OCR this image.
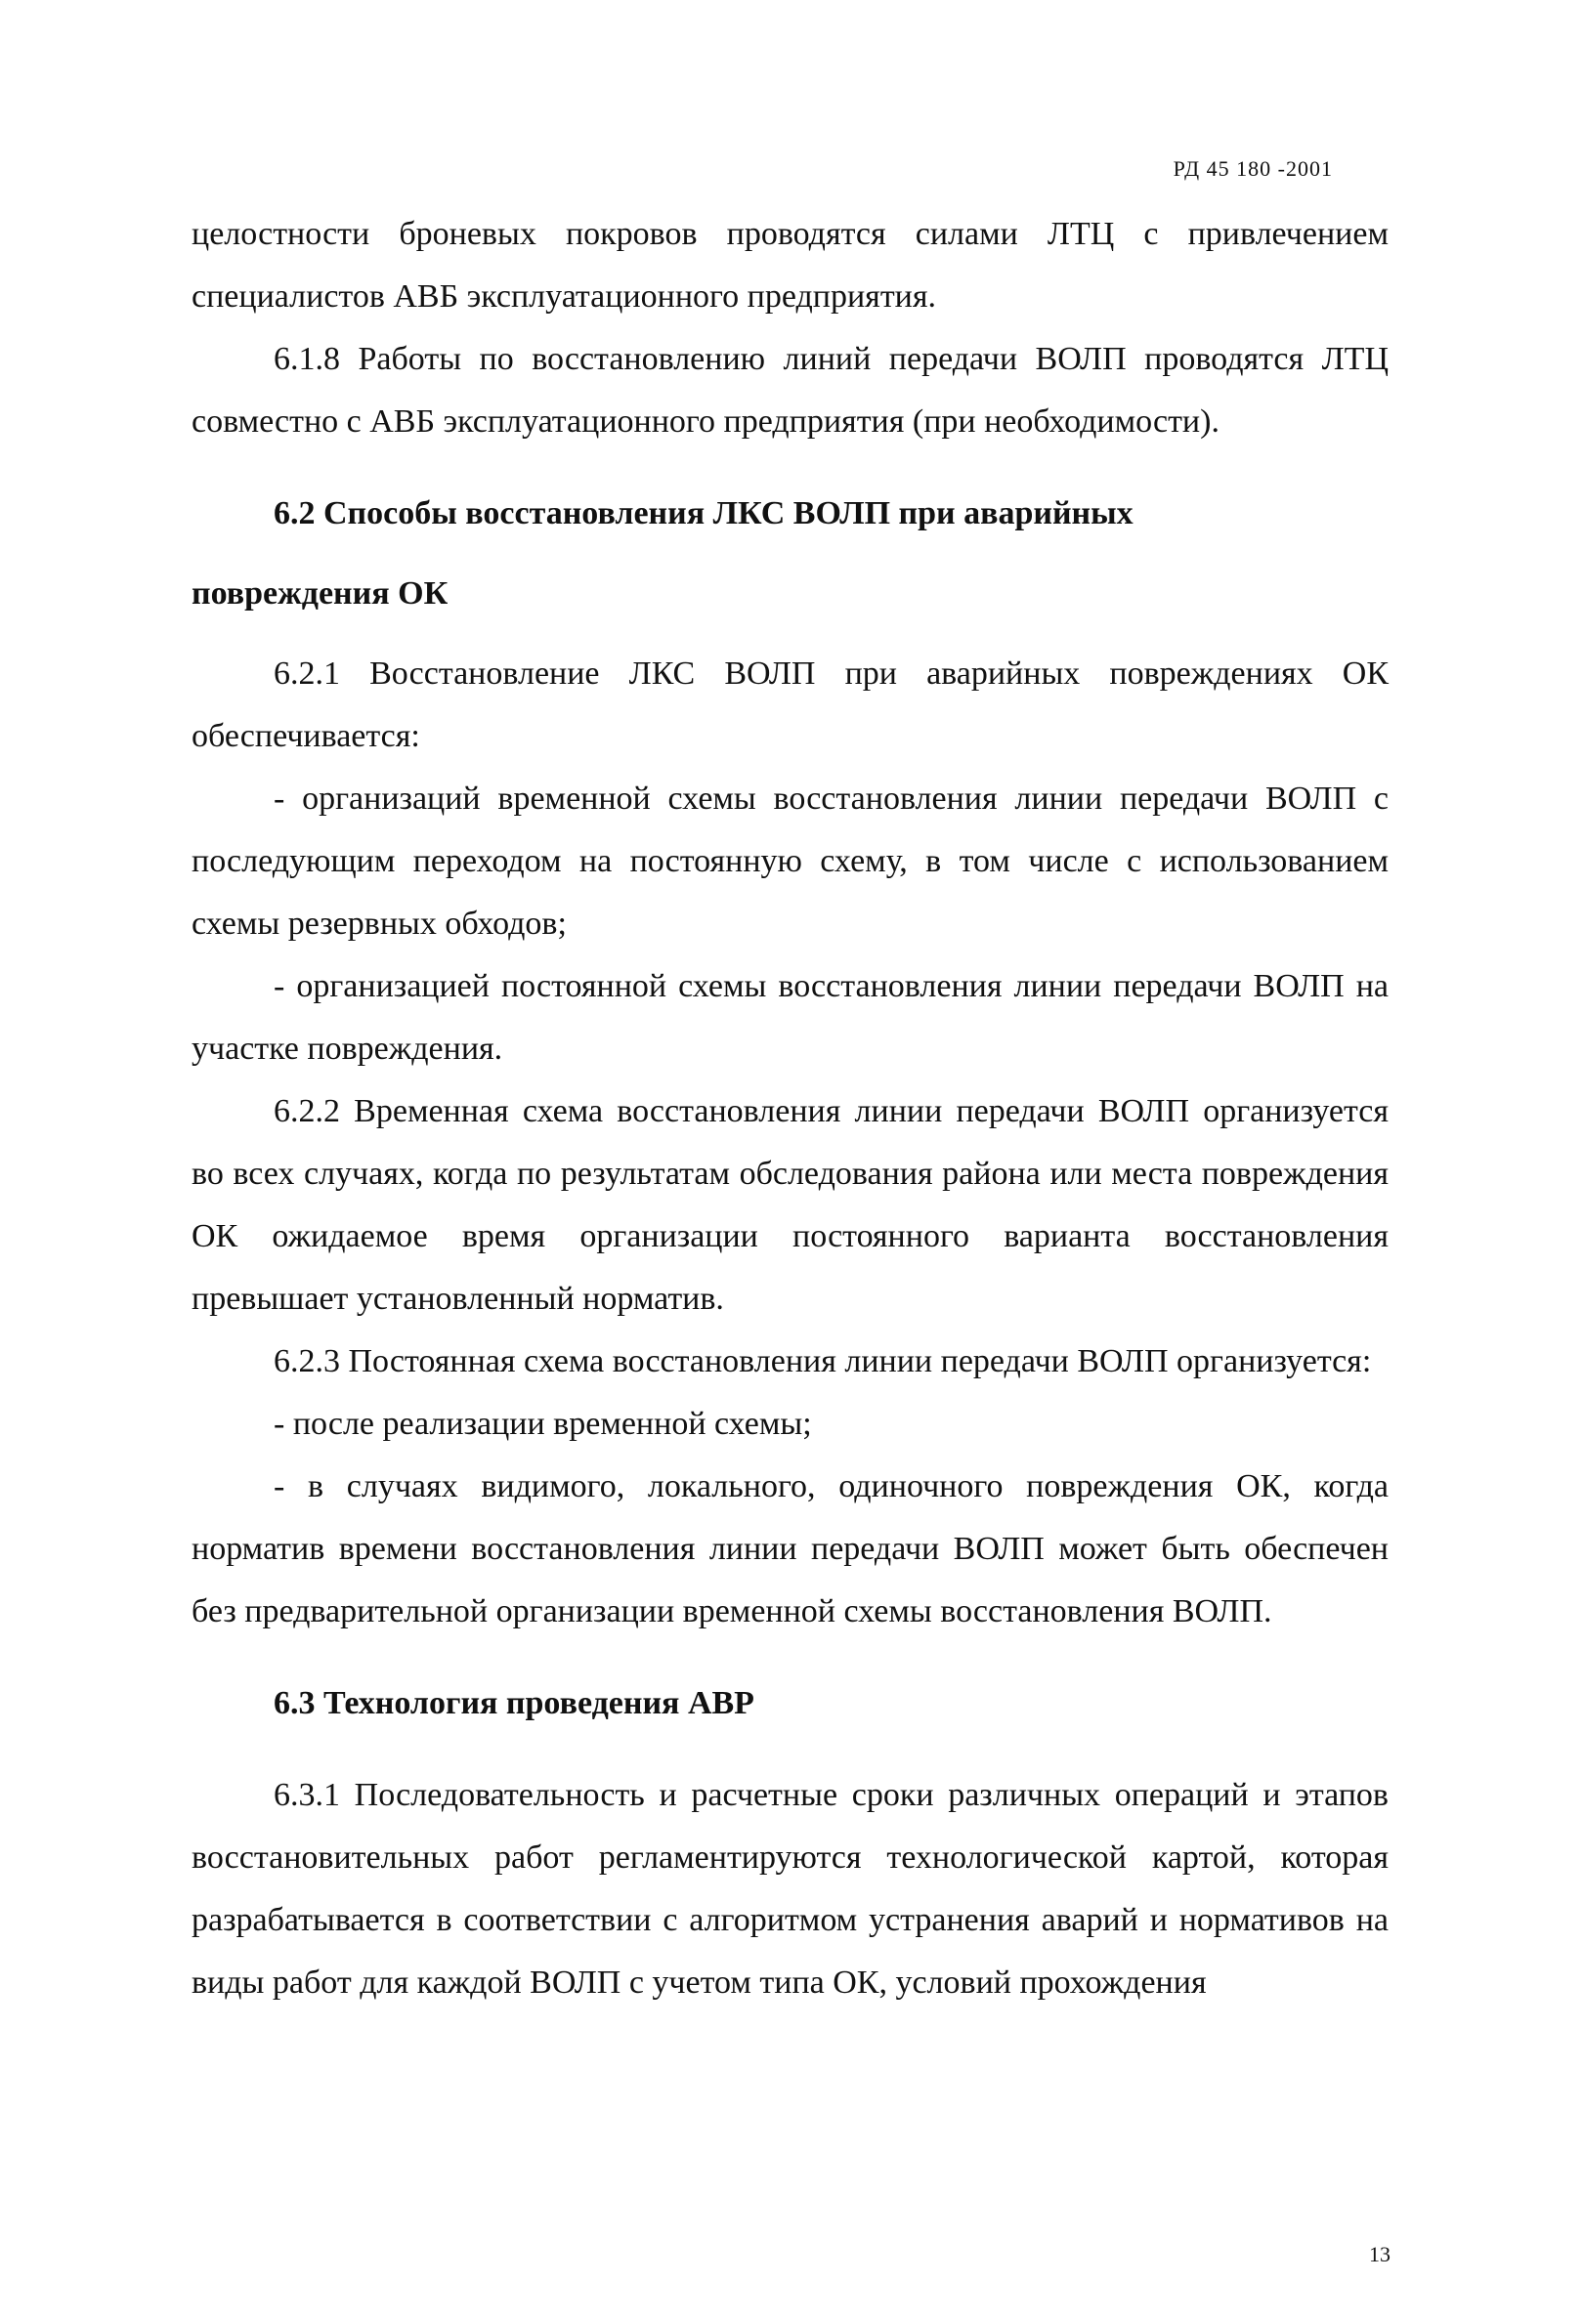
РД 45 180 -2001

целостности броневых покровов проводятся силами ЛТЦ с привлечением специалистов АВБ эксплуатационного предприятия.

6.1.8 Работы по восстановлению линий передачи ВОЛП проводятся ЛТЦ совместно с АВБ эксплуатационного предприятия (при необходимости).

6.2 Способы восстановления ЛКС ВОЛП при аварийных

повреждения ОК

6.2.1 Восстановление ЛКС ВОЛП при аварийных повреждениях ОК обеспечивается:

- организаций временной схемы восстановления линии передачи ВОЛП с последующим переходом на постоянную схему, в том числе с использованием схемы резервных обходов;

- организацией постоянной схемы восстановления линии передачи ВОЛП на участке повреждения.

6.2.2 Временная схема восстановления линии передачи ВОЛП организуется во всех случаях, когда по результатам обследования района или места повреждения ОК ожидаемое время организации постоянного варианта восстановления превышает установленный норматив.

6.2.3 Постоянная схема восстановления линии передачи ВОЛП организуется:

- после реализации временной схемы;

- в случаях видимого, локального, одиночного повреждения ОК, когда норматив времени восстановления линии передачи ВОЛП может быть обеспечен без предварительной организации временной схемы восстановления ВОЛП.

6.3 Технология проведения АВР

6.3.1 Последовательность и расчетные сроки различных операций и этапов восстановительных работ регламентируются технологической картой, которая разрабатывается в соответствии с алгоритмом устранения аварий и нормативов на виды работ для каждой ВОЛП с учетом типа ОК, условий прохождения

13
